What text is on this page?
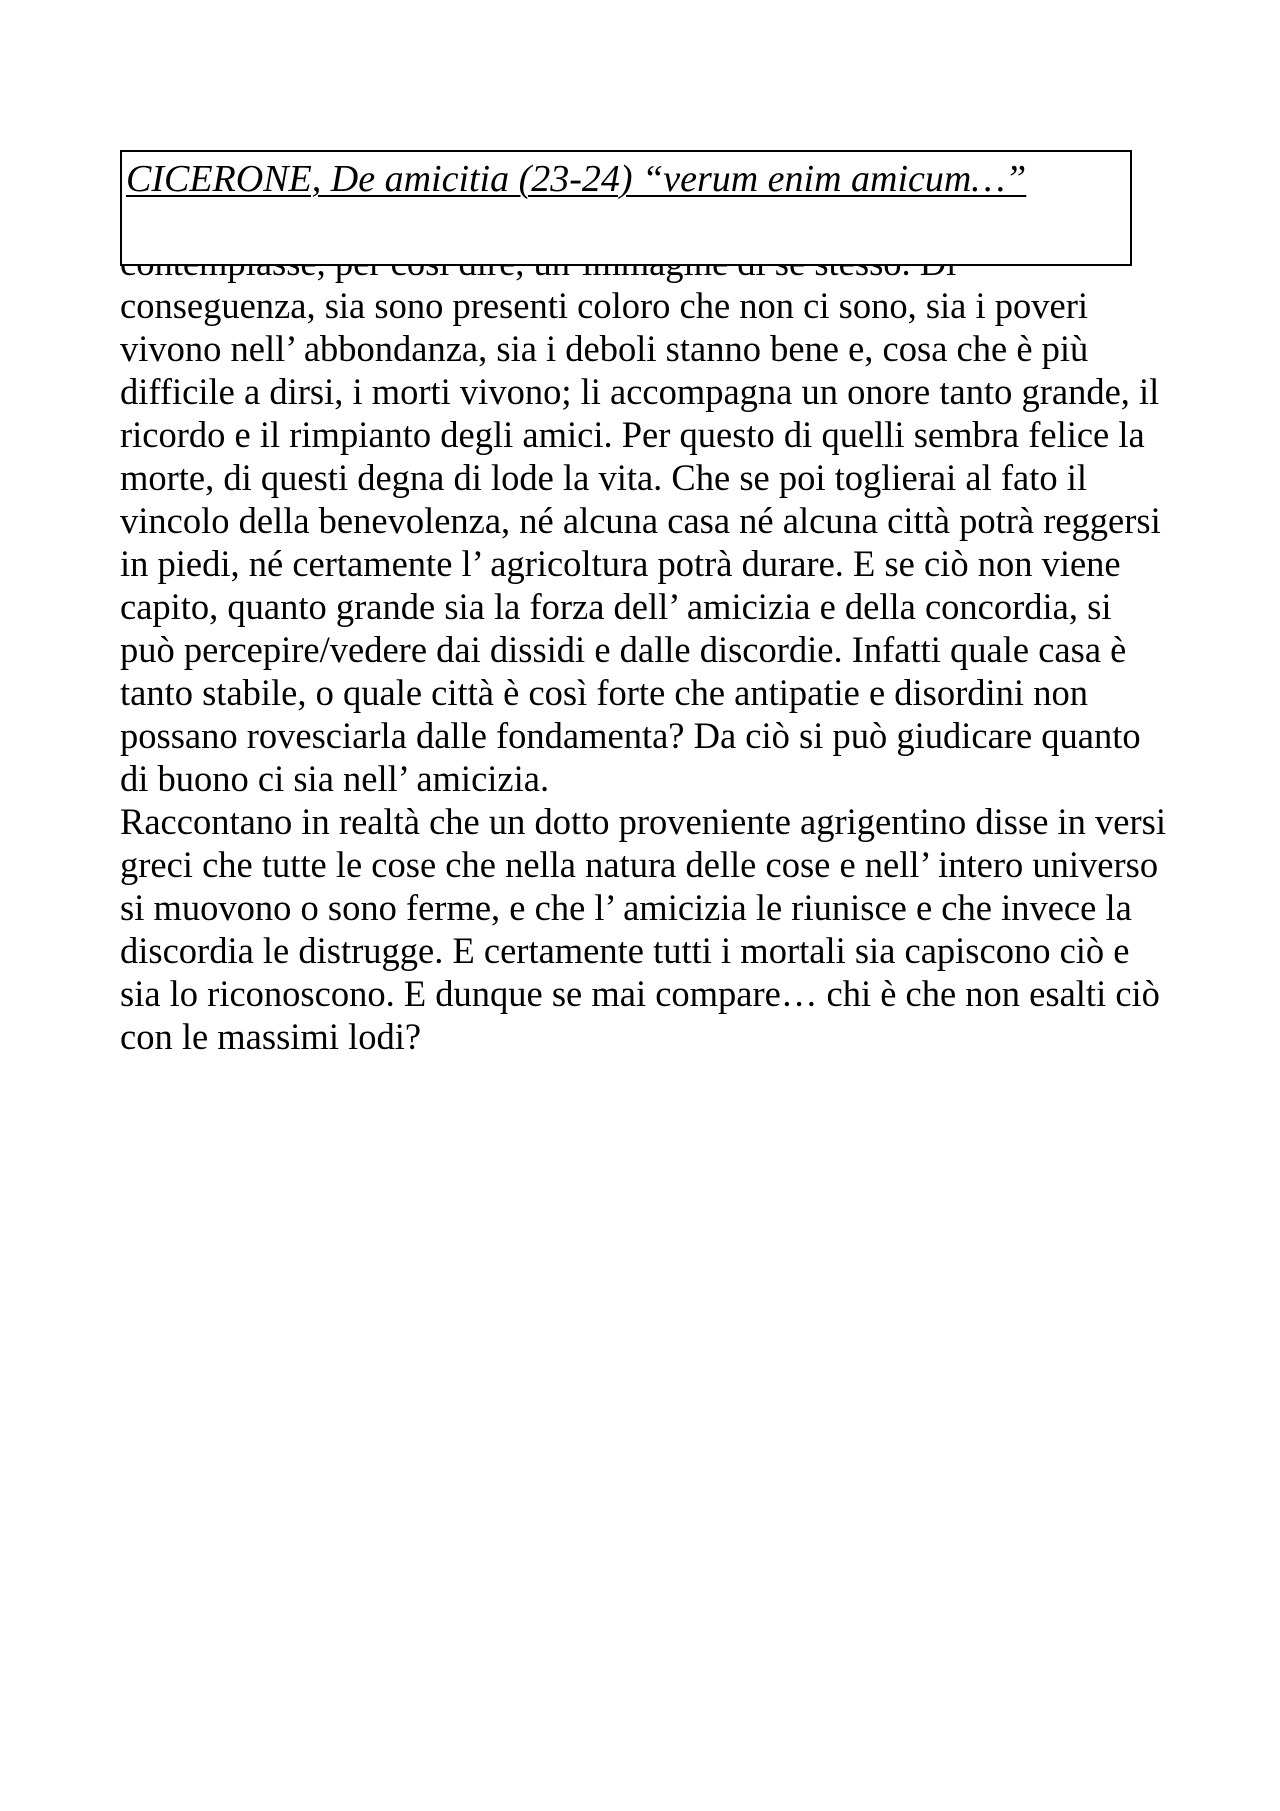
CICERONE, De amicitia (23-24) “verum enim amicum…”

conseguenza, sia sono presenti coloro che non ci sono, sia i poveri vivono nell’ abbondanza, sia i deboli stanno bene e, cosa che è più difficile a dirsi, i morti vivono; li accompagna un onore tanto grande, il ricordo e il rimpianto degli amici. Per questo di quelli sembra felice la morte, di questi degna di lode la vita. Che se poi toglierai al fato il vincolo della benevolenza, né alcuna casa né alcuna città potrà reggersi in piedi, né certamente l’ agricoltura potrà durare. E se ciò non viene capito, quanto grande sia la forza dell’ amicizia e della concordia, si può percepire/vedere dai dissidi e dalle discordie. Infatti quale casa è tanto stabile, o quale città è così forte che antipatie e disordini non possano rovesciarla dalle fondamenta? Da ciò si può giudicare quanto di buono ci sia nell’ amicizia.

Raccontano in realtà che un dotto proveniente agrigentino disse in versi greci che tutte le cose che nella natura delle cose e nell’ intero universo si muovono o sono ferme, e che l’ amicizia le riunisce e che invece la discordia le distrugge. E certamente tutti i mortali sia capiscono ciò e sia lo riconoscono. E dunque se mai compare… chi è che non esalti ciò con le massimi lodi?
